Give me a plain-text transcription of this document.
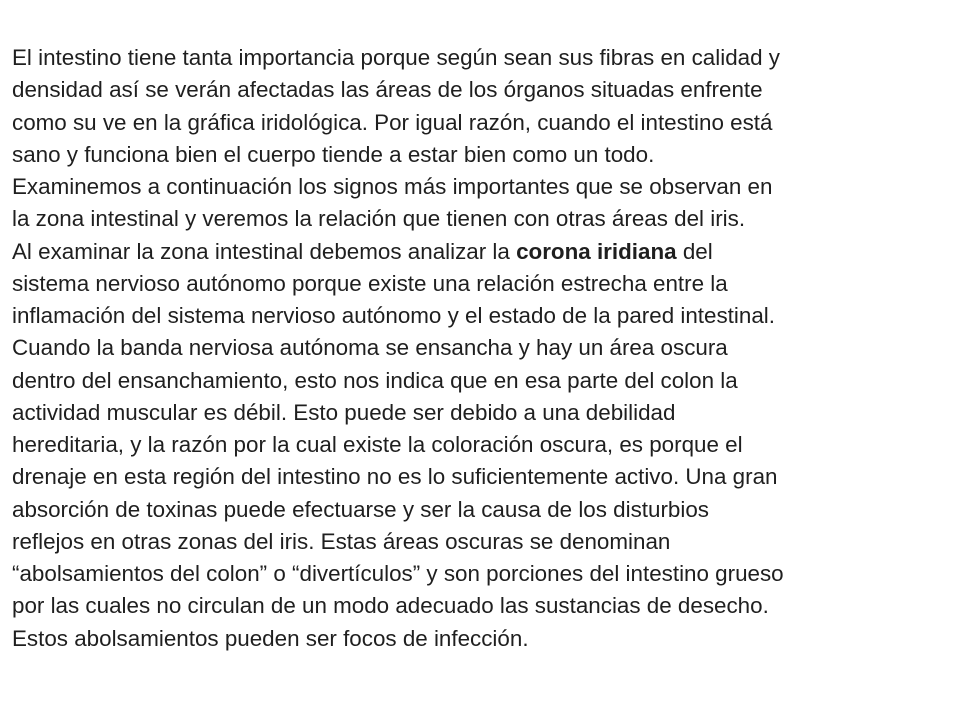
El intestino tiene tanta importancia porque según sean sus fibras en calidad y
densidad así se verán afectadas las áreas de los órganos situadas enfrente
como su ve en la gráfica iridológica. Por igual razón, cuando el intestino está
sano y funciona bien el cuerpo tiende a estar bien como un todo.
Examinemos a continuación los signos más importantes que se observan en
la zona intestinal y veremos la relación que tienen con otras áreas del iris.
Al examinar la zona intestinal debemos analizar la corona iridiana del
sistema nervioso autónomo porque existe una relación estrecha entre la
inflamación del sistema nervioso autónomo y el estado de la pared intestinal.
Cuando la banda nerviosa autónoma se ensancha y hay un área oscura
dentro del ensanchamiento, esto nos indica que en esa parte del colon la
actividad muscular es débil. Esto puede ser debido a una debilidad
hereditaria, y la razón por la cual existe la coloración oscura, es porque el
drenaje en esta región del intestino no es lo suficientemente activo. Una gran
absorción de toxinas puede efectuarse y ser la causa de los disturbios
reflejos en otras zonas del iris. Estas áreas oscuras se denominan
“abolsamientos del colon” o “divertículos” y son porciones del intestino grueso
por las cuales no circulan de un modo adecuado las sustancias de desecho.
Estos abolsamientos pueden ser focos de infección.
